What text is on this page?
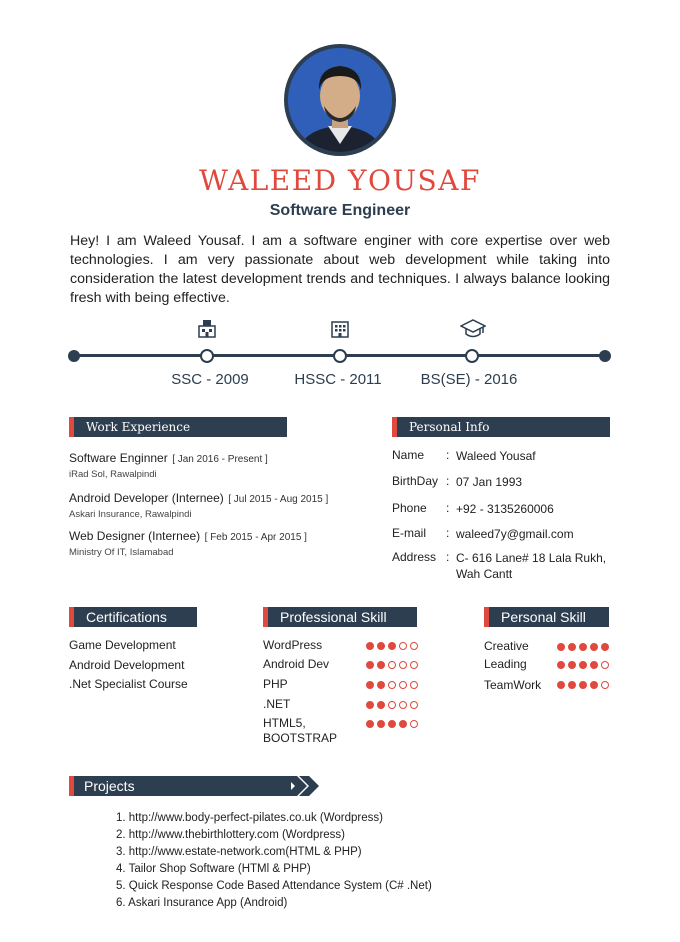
WALEED YOUSAF
Software Engineer

Hey! I am Waleed Yousaf. I am a software enginer with core expertise over web technologies. I am very passionate about web development while taking into consideration the latest development trends and techniques. I always balance looking fresh with being effective.

SSC - 2009	HSSC - 2011	BS(SE) - 2016
Work Experience
Software Enginner [ Jan 2016 - Present ]
iRad Sol, Rawalpindi
Android Developer (Internee) [ Jul 2015 - Aug 2015 ]
Askari Insurance, Rawalpindi
Web Designer (Internee) [ Feb 2015 - Apr 2015 ]
Ministry Of IT, Islamabad
Personal Info
Name : Waleed Yousaf
BirthDay : 07 Jan 1993
Phone : +92 - 3135260006
E-mail : waleed7y@gmail.com
Address : C- 616 Lane# 18 Lala Rukh, Wah Cantt
Certifications
Game Development
Android Development
.Net Specialist Course
Professional Skill
WordPress
Android Dev
PHP
.NET
HTML5, BOOTSTRAP
Personal Skill
Creative
Leading
TeamWork
Projects
1. http://www.body-perfect-pilates.co.uk (Wordpress)
2. http://www.thebirthlottery.com (Wordpress)
3. http://www.estate-network.com(HTML & PHP)
4. Tailor Shop Software (HTMl & PHP)
5. Quick Response Code Based Attendance System (C# .Net)
6. Askari Insurance App (Android)
